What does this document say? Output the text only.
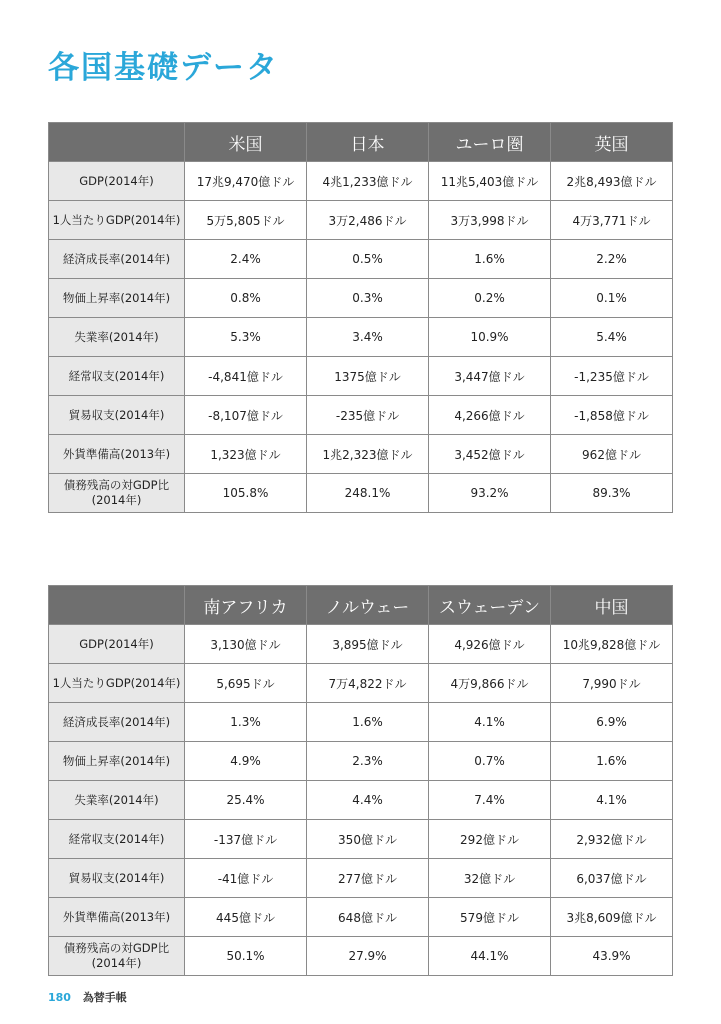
各国基礎データ
	米国	日本	ユーロ圏	英国
GDP(2014年)	17兆9,470億ドル	4兆1,233億ドル	11兆5,403億ドル	2兆8,493億ドル
1人当たりGDP(2014年)	5万5,805ドル	3万2,486ドル	3万3,998ドル	4万3,771ドル
経済成長率(2014年)	2.4%	0.5%	1.6%	2.2%
物価上昇率(2014年)	0.8%	0.3%	0.2%	0.1%
失業率(2014年)	5.3%	3.4%	10.9%	5.4%
経常収支(2014年)	-4,841億ドル	1375億ドル	3,447億ドル	-1,235億ドル
貿易収支(2014年)	-8,107億ドル	-235億ドル	4,266億ドル	-1,858億ドル
外貨準備高(2013年)	1,323億ドル	1兆2,323億ドル	3,452億ドル	962億ドル
債務残高の対GDP比
(2014年)	105.8%	248.1%	93.2%	89.3%
	南アフリカ	ノルウェー	スウェーデン	中国
GDP(2014年)	3,130億ドル	3,895億ドル	4,926億ドル	10兆9,828億ドル
1人当たりGDP(2014年)	5,695ドル	7万4,822ドル	4万9,866ドル	7,990ドル
経済成長率(2014年)	1.3%	1.6%	4.1%	6.9%
物価上昇率(2014年)	4.9%	2.3%	0.7%	1.6%
失業率(2014年)	25.4%	4.4%	7.4%	4.1%
経常収支(2014年)	-137億ドル	350億ドル	292億ドル	2,932億ドル
貿易収支(2014年)	-41億ドル	277億ドル	32億ドル	6,037億ドル
外貨準備高(2013年)	445億ドル	648億ドル	579億ドル	3兆8,609億ドル
債務残高の対GDP比
(2014年)	50.1%	27.9%	44.1%	43.9%
180 為替手帳
